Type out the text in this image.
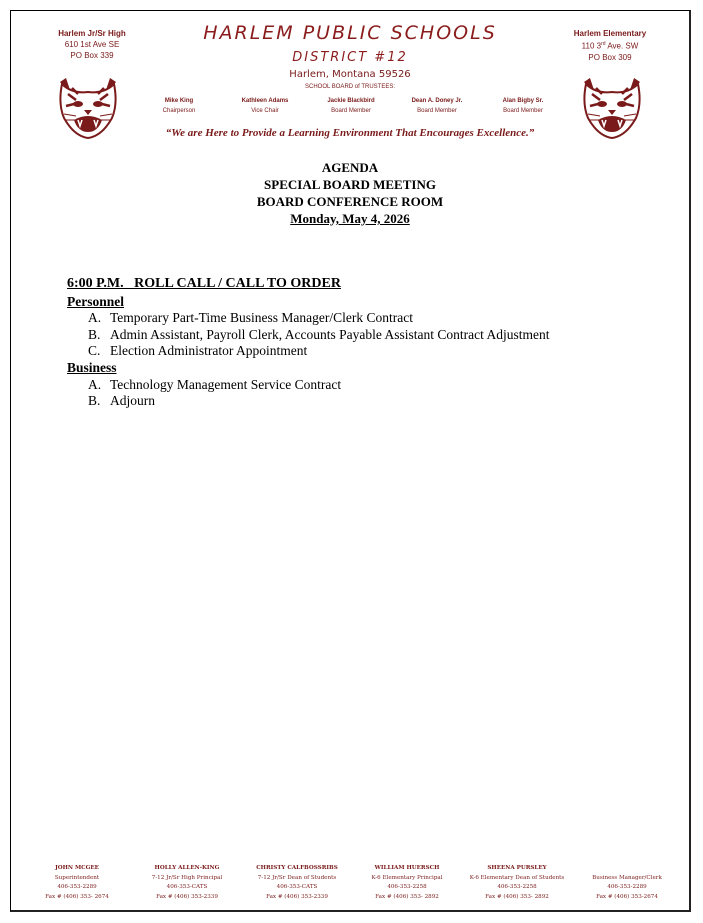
Harlem Jr/Sr High
610 1st Ave SE
PO Box 339
Harlem Elementary
110 3rd Ave. SW
PO Box 309
HARLEM PUBLIC SCHOOLS
DISTRICT #12
Harlem, Montana 59526
SCHOOL BOARD of TRUSTEES:
Mike King
Chairperson
Kathleen Adams
Vice Chair
Jackie Blackbird
Board Member
Dean A. Doney Jr.
Board Member
Alan Bigby Sr.
Board Member
“We are Here to Provide a Learning Environment That Encourages Excellence.”
AGENDA
SPECIAL BOARD MEETING
BOARD CONFERENCE ROOM
Monday, May 4, 2026
6:00 P.M.   ROLL CALL / CALL TO ORDER
Personnel
A. Temporary Part-Time Business Manager/Clerk Contract
B. Admin Assistant, Payroll Clerk, Accounts Payable Assistant Contract Adjustment
C. Election Administrator Appointment
Business
A. Technology Management Service Contract
B. Adjourn
JOHN MCGEE
Superintendent
406-353-2289
Fax # (406) 353- 2674
HOLLY ALLEN-KING
7-12 Jr/Sr High Principal
406-353-CATS
Fax # (406) 353-2339
CHRISTY CALFBOSSRIBS
7-12 Jr/Sr Dean of Students
406-353-CATS
Fax # (406) 353-2339
WILLIAM HUERSCH
K-6 Elementary Principal
406-353-2258
Fax # (406) 353- 2892
SHEENA PURSLEY
K-6 Elementary Dean of Students
406-353-2258
Fax # (406) 353- 2892
Business Manager/Clerk
406-353-2289
Fax # (406) 353-2674
